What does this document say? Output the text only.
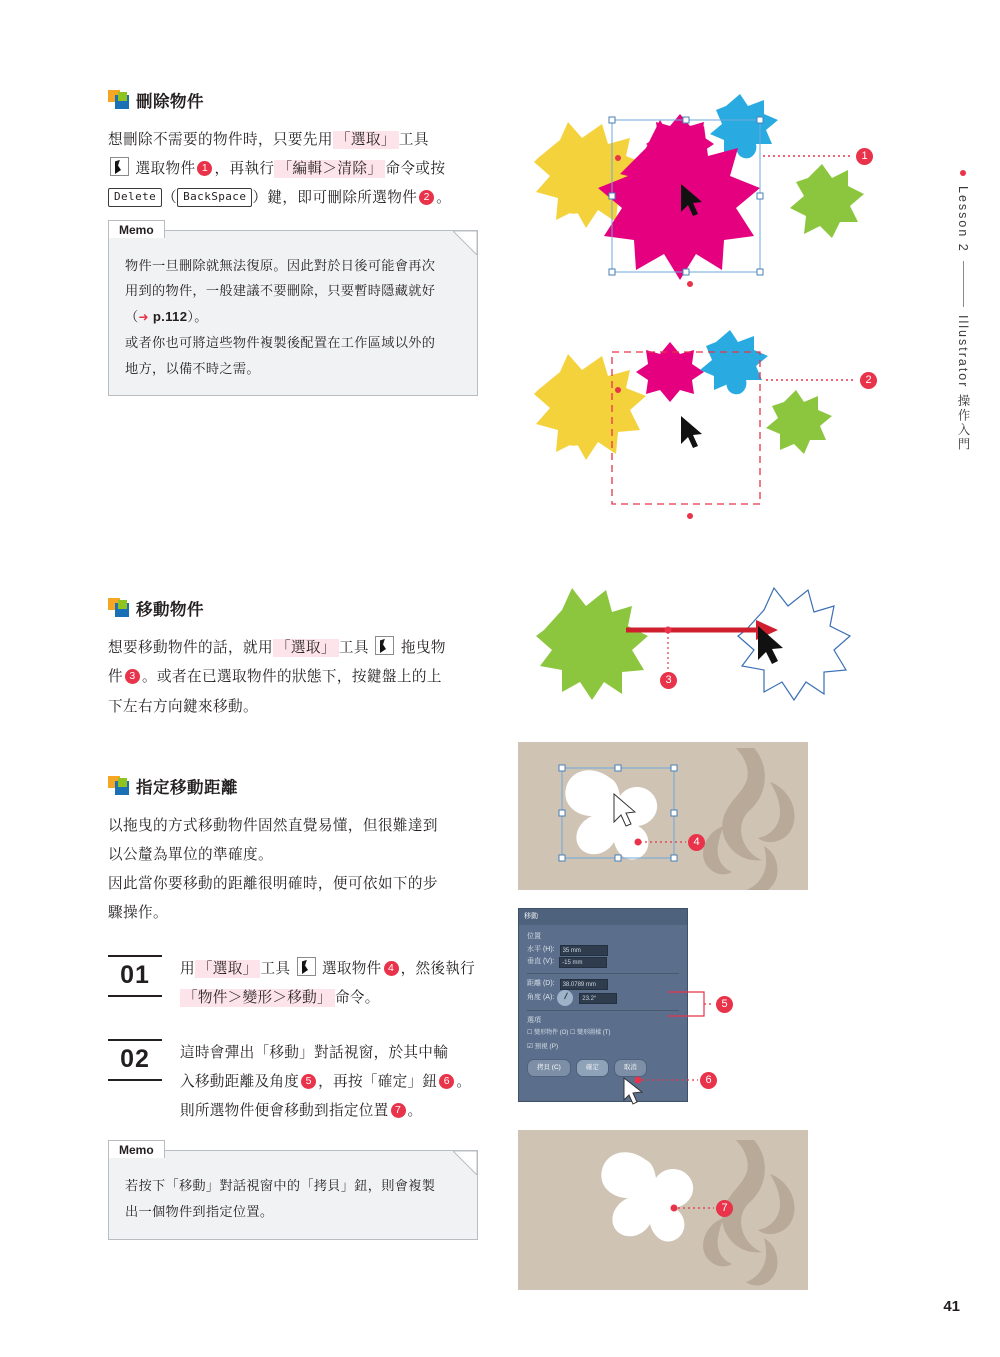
刪除物件
想刪除不需要的物件時，只要先用 「選取」 工具
選取物件 1 ，再執行 「編輯＞清除」 命令或按
Delete （ BackSpace ）鍵，即可刪除所選物件 2 。
Memo

物件一旦刪除就無法復原。因此對於日後可能會再次

用到的物件，一般建議不要刪除，只要暫時隱藏就好

（➜ p.112）。

或者你也可將這些物件複製後配置在工作區域以外的

地方，以備不時之需。

移動物件
想要移動物件的話，就用 「選取」 工具 拖曳物
件 3 。或者在已選取物件的狀態下，按鍵盤上的上
下左右方向鍵來移動。
指定移動距離
以拖曳的方式移動物件固然直覺易懂，但很難達到
以公釐為單位的準確度。
因此當你要移動的距離很明確時，便可依如下的步
驟操作。
01	用 「選取」 工具 選取物件 4 ，然後執行
「物件＞變形＞移動」 命令。
02	這時會彈出「移動」對話視窗，於其中輸
入移動距離及角度 5 ，再按「確定」鈕 6 。
則所選物件便會移動到指定位置 7 。
Memo

若按下「移動」對話視窗中的「拷貝」鈕，則會複製

出一個物件到指定位置。

1
2
3
4
移動
位置
水平 (H): 35 mm
垂直 (V): -15 mm
距離 (D): 38.0789 mm
角度 (A):	23.2°
選項
☐ 變形物件 (O) ☐ 變形圖樣 (T)
☑ 預視 (P)
拷貝 (C)	確定	取消
5
6
7
Lesson 2
Illustrator 操作入門
41
